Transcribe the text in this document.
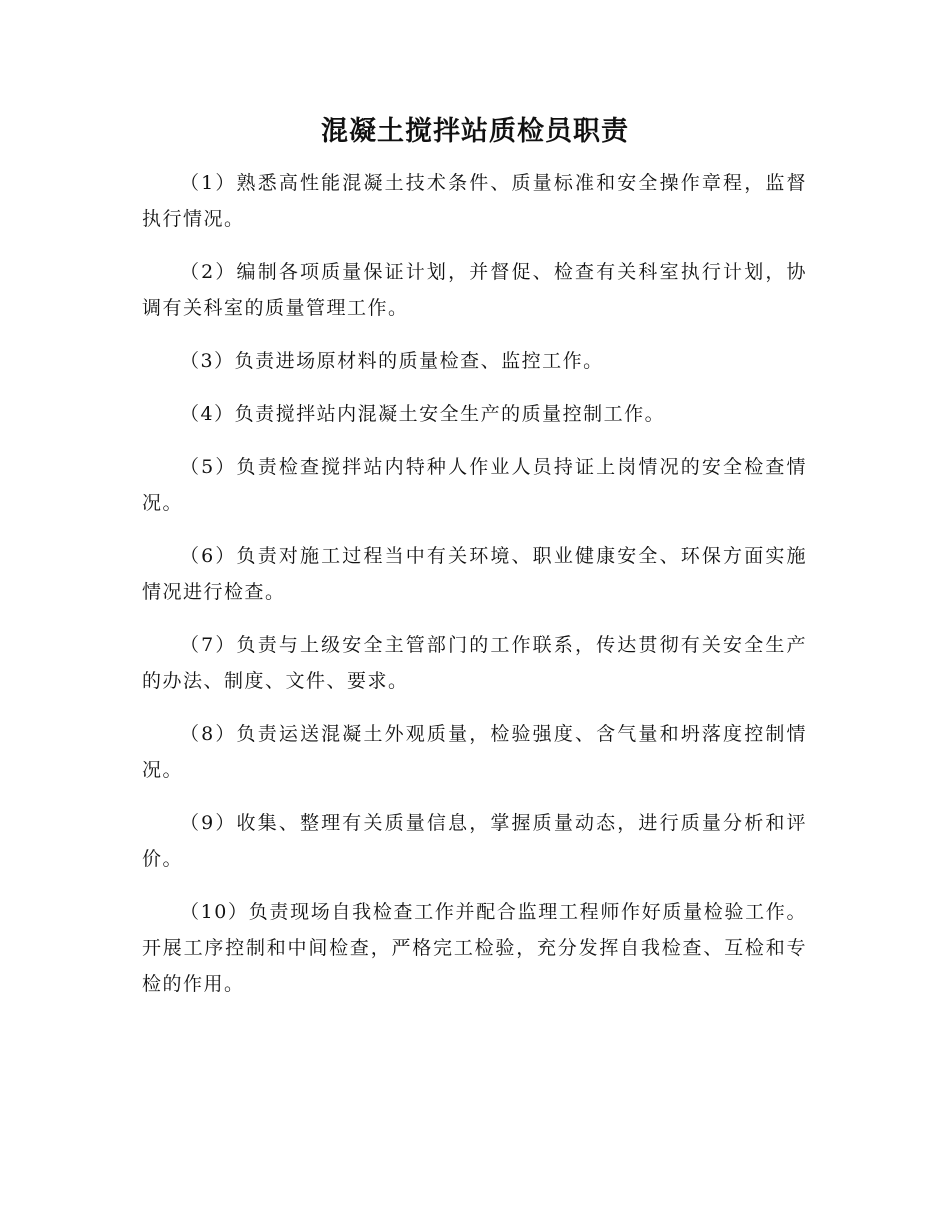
混凝土搅拌站质检员职责

（1）熟悉高性能混凝土技术条件、质量标准和安全操作章程，监督执行情况。

（2）编制各项质量保证计划，并督促、检查有关科室执行计划，协调有关科室的质量管理工作。

（3）负责进场原材料的质量检查、监控工作。

（4）负责搅拌站内混凝土安全生产的质量控制工作。

（5）负责检查搅拌站内特种人作业人员持证上岗情况的安全检查情况。

（6）负责对施工过程当中有关环境、职业健康安全、环保方面实施情况进行检查。

（7）负责与上级安全主管部门的工作联系，传达贯彻有关安全生产的办法、制度、文件、要求。

（8）负责运送混凝土外观质量，检验强度、含气量和坍落度控制情况。

（9）收集、整理有关质量信息，掌握质量动态，进行质量分析和评价。

（10）负责现场自我检查工作并配合监理工程师作好质量检验工作。开展工序控制和中间检查，严格完工检验，充分发挥自我检查、互检和专检的作用。
